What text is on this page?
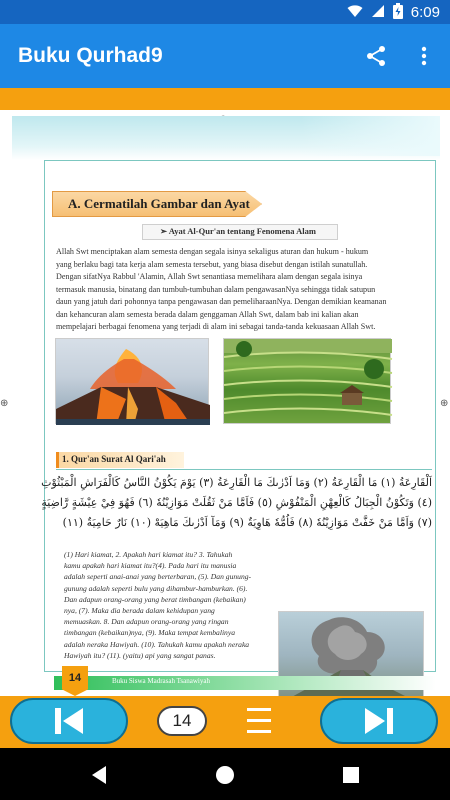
6:09
Buku Qurhad9
⊕	⊕
A. Cermatilah Gambar dan Ayat
➢ Ayat Al-Qur'an tentang Fenomena Alam
Allah Swt menciptakan alam semesta dengan segala isinya sekaligus aturan dan hukum - hukum
yang berlaku bagi tata kerja alam semesta tersebut, yang biasa disebut dengan istilah sunatullah.
Dengan sifatNya Rabbul 'Alamin, Allah Swt senantiasa memelihara alam dengan segala isinya
termasuk manusia, binatang dan tumbuh-tumbuhan dalam pengawasanNya sehingga tidak satupun
daun yang jatuh dari pohonnya tanpa pengawasan dan pemeliharaanNya. Dengan demikian keamanan
dan kehancuran alam semesta berada dalam genggaman Allah Swt, dalam bab ini kalian akan
mempelajari berbagai fenomena yang terjadi di alam ini sebagai tanda-tanda kekuasaan Allah Swt.
1. Qur'an Surat Al Qari'ah
اَلْقَارِعَةُ (١) مَا الْقَارِعَةُ (٢) وَمَا اَدْرٰىكَ مَا الْقَارِعَةُ (٣) يَوْمَ يَكُوْنُ النَّاسُ كَالْفَرَاشِ الْمَبْثُوْثِ
(٤) وَتَكُوْنُ الْجِبَالُ كَالْعِهْنِ الْمَنْفُوْشِ (٥) فَاَمَّا مَنْ ثَقُلَتْ مَوَازِيْنُهٗ (٦) فَهُوَ فِيْ عِيْشَةٍ رَّاضِيَةٍ
(٧) وَاَمَّا مَنْ خَفَّتْ مَوَازِيْنُهٗ (٨) فَاُمُّهٗ هَاوِيَةٌ (٩) وَمَآ اَدْرٰىكَ مَاهِيَهْ (١٠) نَارٌ حَامِيَةٌ (١١)
(1) Hari kiamat, 2. Apakah hari kiamat itu? 3. Tahukah
kamu apakah hari kiamat itu?(4). Pada hari itu manusia
adalah seperti anai-anai yang berterbaran, (5). Dan gunung-
gunung adalah seperti bulu yang dihambur-hamburkan. (6).
Dan adapun orang-orang yang berat timbangan (kebaikan)
nya, (7). Maka dia berada dalam kehidupan yang
memuaskan. 8. Dan adapun orang-orang yang ringan
timbangan (kebaikan)nya, (9). Maka tempat kembalinya
adalah neraka Hawiyah. (10). Tahukah kamu apakah neraka
Hawiyah itu? (11). (yaitu) api yang sangat panas.
Buku Siswa Madrasah Tsanawiyah
14
14
